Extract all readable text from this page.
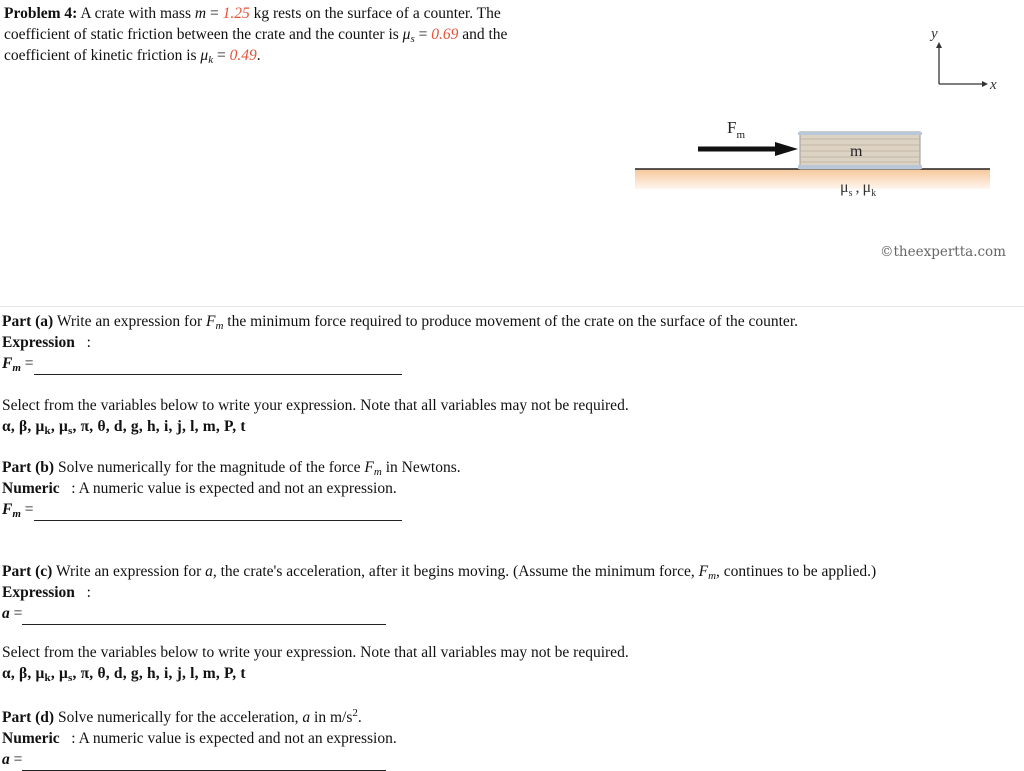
Problem 4: A crate with mass m = 1.25 kg rests on the surface of a counter. The
coefficient of static friction between the crate and the counter is $\mu_s = 0.69$ and the
coefficient of kinetic friction is $\mu_k = 0.49$.
y
x
m
$F_m$
$\mu_s$ , $\mu_k$
©theexpertta.com
Part (a) Write an expression for $F_m$ the minimum force required to produce movement of the crate on the surface of the counter.
Expression :
$F_m$ =
Select from the variables below to write your expression. Note that all variables may not be required.
α, β, $\mu_k$, $\mu_s$, π, θ, d, g, h, i, j, l, m, P, t
Part (b) Solve numerically for the magnitude of the force $F_m$ in Newtons.
Numeric : A numeric value is expected and not an expression.
$F_m$ =
Part (c) Write an expression for a, the crate's acceleration, after it begins moving. (Assume the minimum force, $F_m$, continues to be applied.)
Expression :
a =
Select from the variables below to write your expression. Note that all variables may not be required.
α, β, $\mu_k$, $\mu_s$, π, θ, d, g, h, i, j, l, m, P, t
Part (d) Solve numerically for the acceleration, a in $m/s^2$.
Numeric : A numeric value is expected and not an expression.
a =
